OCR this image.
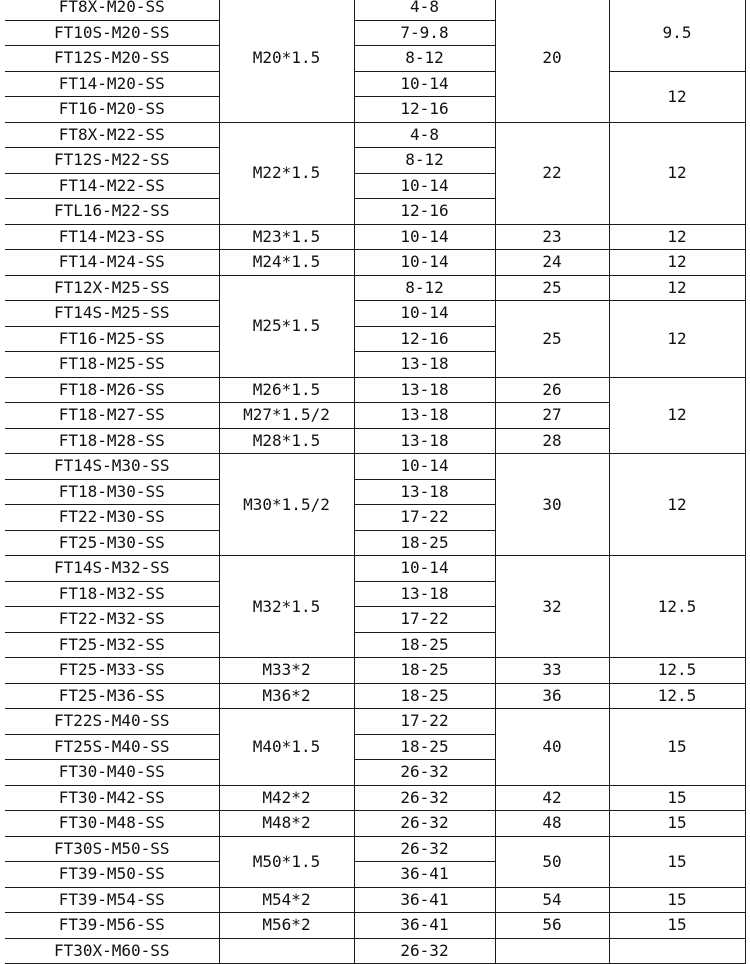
FT8X-M20-SS	M20*1.5	4-8	20	9.5
FT10S-M20-SS		7-9.8		
FT12S-M20-SS		8-12		
FT14-M20-SS		10-14		12
FT16-M20-SS		12-16		
FT8X-M22-SS	M22*1.5	4-8	22	12
FT12S-M22-SS		8-12		
FT14-M22-SS		10-14		
FTL16-M22-SS		12-16		
FT14-M23-SS	M23*1.5	10-14	23	12
FT14-M24-SS	M24*1.5	10-14	24	12
FT12X-M25-SS	M25*1.5	8-12	25	12
FT14S-M25-SS		10-14	25	12
FT16-M25-SS		12-16		
FT18-M25-SS		13-18		
FT18-M26-SS	M26*1.5	13-18	26	12
FT18-M27-SS	M27*1.5/2	13-18	27	
FT18-M28-SS	M28*1.5	13-18	28	
FT14S-M30-SS	M30*1.5/2	10-14	30	12
FT18-M30-SS		13-18		
FT22-M30-SS		17-22		
FT25-M30-SS		18-25		
FT14S-M32-SS	M32*1.5	10-14	32	12.5
FT18-M32-SS		13-18		
FT22-M32-SS		17-22		
FT25-M32-SS		18-25		
FT25-M33-SS	M33*2	18-25	33	12.5
FT25-M36-SS	M36*2	18-25	36	12.5
FT22S-M40-SS	M40*1.5	17-22	40	15
FT25S-M40-SS		18-25		
FT30-M40-SS		26-32		
FT30-M42-SS	M42*2	26-32	42	15
FT30-M48-SS	M48*2	26-32	48	15
FT30S-M50-SS	M50*1.5	26-32	50	15
FT39-M50-SS		36-41		
FT39-M54-SS	M54*2	36-41	54	15
FT39-M56-SS	M56*2	36-41	56	15
FT30X-M60-SS		26-32		
